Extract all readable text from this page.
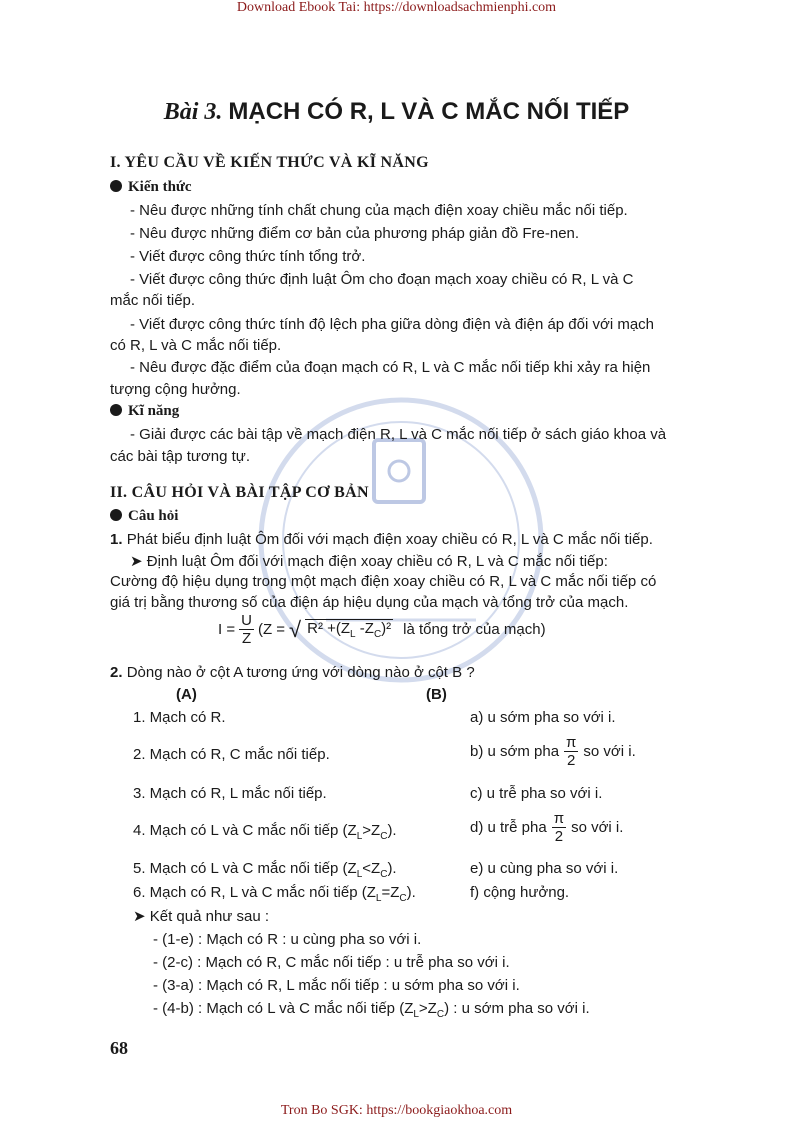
Download Ebook Tai: https://downloadsachmienphi.com
Bài 3. MẠCH CÓ R, L VÀ C MẮC NỐI TIẾP
I. YÊU CẦU VỀ KIẾN THỨC VÀ KĨ NĂNG
Kiến thức
- Nêu được những tính chất chung của mạch điện xoay chiều mắc nối tiếp.
- Nêu được những điểm cơ bản của phương pháp giản đồ Fre-nen.
- Viết được công thức tính tổng trở.
- Viết được công thức định luật Ôm cho đoạn mạch xoay chiều có R, L và C
mắc nối tiếp.
- Viết được công thức tính độ lệch pha giữa dòng điện và điện áp đối với mạch
có R, L và C mắc nối tiếp.
- Nêu được đặc điểm của đoạn mạch có R, L và C mắc nối tiếp khi xảy ra hiện
tượng cộng hưởng.
Kĩ năng
- Giải được các bài tập về mạch điện R, L và C mắc nối tiếp ở sách giáo khoa và
các bài tập tương tự.
II. CÂU HỎI VÀ BÀI TẬP CƠ BẢN
Câu hỏi
1. Phát biểu định luật Ôm đối với mạch điện xoay chiều có R, L và C mắc nối tiếp.
➤ Định luật Ôm đối với mạch điện xoay chiều có R, L và C mắc nối tiếp:
Cường độ hiệu dụng trong một mạch điện xoay chiều có R, L và C mắc nối tiếp có
giá trị bằng thương số của điện áp hiệu dụng của mạch và tổng trở của mạch.
$I = \frac{U}{Z} (Z$ = √ $R^2 +(Z_L$ $-Z_C)^2$ là tổng trở của mạch)
2. Dòng nào ở cột A tương ứng với dòng nào ở cột B ?
(A)	(B)
1. Mạch có R.	a) u sớm pha so với i.
2. Mạch có R, C mắc nối tiếp.	b) u sớm pha $\frac{\pi}{2}$ so với i.
3. Mạch có R, L mắc nối tiếp.	c) u trễ pha so với i.
4. Mạch có L và C mắc nối tiếp $(Z_L>Z_C)$.	d) u trễ pha $\frac{\pi}{2}$ so với i.
5. Mạch có L và C mắc nối tiếp $(Z_L<Z_C)$.	e) u cùng pha so với i.
6. Mạch có R, L và C mắc nối tiếp $(Z_L=Z_C)$.	f) cộng hưởng.
➤ Kết quả như sau :
- (1-e) : Mạch có R : u cùng pha so với i.
- (2-c) : Mạch có R, C mắc nối tiếp : u trễ pha so với i.
- (3-a) : Mạch có R, L mắc nối tiếp : u sớm pha so với i.
- (4-b) : Mạch có L và C mắc nối tiếp $(Z_L>Z_C)$ : u sớm pha so với i.
68
Tron Bo SGK: https://bookgiaokhoa.com
